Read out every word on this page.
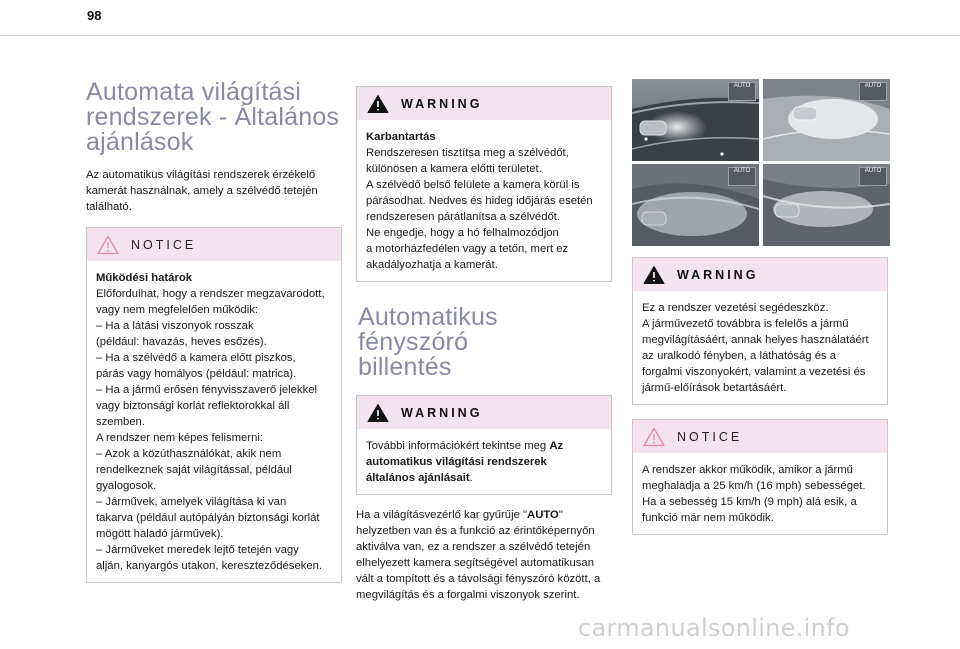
98
Automata világítási
rendszerek - Általános
ajánlások

Az automatikus világítási rendszerek érzékelő
kamerát használnak, amely a szélvédő tetején
található.

NOTICE
Működési határok
Előfordulhat, hogy a rendszer megzavarodott,
vagy nem megfelelően működik:
– Ha a látási viszonyok rosszak
(például: havazás, heves esőzés).
– Ha a szélvédő a kamera előtt piszkos,
párás vagy homályos (például: matrica).
– Ha a jármű erősen fényvisszaverő jelekkel
vagy biztonsági korlát reflektorokkal áll
szemben.
A rendszer nem képes felismerni:
– Azok a közúthasználókat, akik nem
rendelkeznek saját világítással, például
gyalogosok.
– Járművek, amelyek világítása ki van
takarva (például autópályán biztonsági korlát
mögött haladó járművek).
– Járműveket meredek lejtő tetején vagy
alján, kanyargós utakon, kereszteződéseken.
WARNING
Karbantartás
Rendszeresen tisztítsa meg a szélvédőt,
különösen a kamera előtti területet.
A szélvédő belső felülete a kamera körül is
párásodhat. Nedves és hideg időjárás esetén
rendszeresen párátlanítsa a szélvédőt.
Ne engedje, hogy a hó felhalmozódjon
a motorházfedélen vagy a tetőn, mert ez
akadályozhatja a kamerát.
Automatikus fényszóró
billentés
WARNING
További információkért tekintse meg Az
automatikus világítási rendszerek
általános ajánlásait.

Ha a világításvezérlő kar gyűrűje "AUTO"
helyzetben van és a funkció az érintőképernyőn
aktiválva van, ez a rendszer a szélvédő tetején
elhelyezett kamera segítségével automatikusan
vált a tompított és a távolsági fényszóró között, a
megvilágítás és a forgalmi viszonyok szerint.

AUTO	AUTO
AUTO	AUTO
WARNING
Ez a rendszer vezetési segédeszköz.
A járművezető továbbra is felelős a jármű
megvilágításáért, annak helyes használatáért
az uralkodó fényben, a láthatóság és a
forgalmi viszonyokért, valamint a vezetési és
jármű-előírások betartásáért.
NOTICE
A rendszer akkor működik, amikor a jármű
meghaladja a 25 km/h (16 mph) sebességet.
Ha a sebesség 15 km/h (9 mph) alá esik, a
funkció már nem működik.
carmanualsonline.info
